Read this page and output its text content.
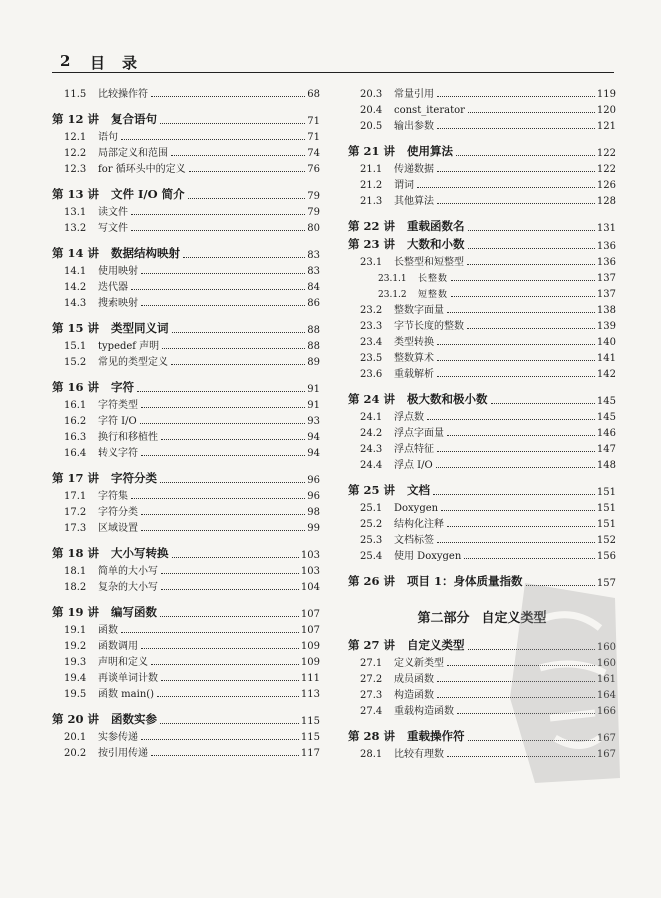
2 目 录
11.5	比较操作符	68
第 12 讲 复合语句	71
12.1	语句	71
12.2	局部定义和范围	74
12.3	for 循环头中的定义	76
第 13 讲 文件 I/O 简介	79
13.1	读文件	79
13.2	写文件	80
第 14 讲 数据结构映射	83
14.1	使用映射	83
14.2	迭代器	84
14.3	搜索映射	86
第 15 讲 类型同义词	88
15.1	typedef 声明	88
15.2	常见的类型定义	89
第 16 讲 字符	91
16.1	字符类型	91
16.2	字符 I/O	93
16.3	换行和移植性	94
16.4	转义字符	94
第 17 讲 字符分类	96
17.1	字符集	96
17.2	字符分类	98
17.3	区域设置	99
第 18 讲 大小写转换	103
18.1	简单的大小写	103
18.2	复杂的大小写	104
第 19 讲 编写函数	107
19.1	函数	107
19.2	函数调用	109
19.3	声明和定义	109
19.4	再谈单词计数	111
19.5	函数 main()	113
第 20 讲 函数实参	115
20.1	实参传递	115
20.2	按引用传递	117
20.3	常量引用	119
20.4	const_iterator	120
20.5	输出参数	121
第 21 讲 使用算法	122
21.1	传递数据	122
21.2	谓词	126
21.3	其他算法	128
第 22 讲 重载函数名	131
第 23 讲 大数和小数	136
23.1	长整型和短整型	136
23.1.1	长整数	137
23.1.2	短整数	137
23.2	整数字面量	138
23.3	字节长度的整数	139
23.4	类型转换	140
23.5	整数算术	141
23.6	重载解析	142
第 24 讲 极大数和极小数	145
24.1	浮点数	145
24.2	浮点字面量	146
24.3	浮点特征	147
24.4	浮点 I/O	148
第 25 讲 文档	151
25.1	Doxygen	151
25.2	结构化注释	151
25.3	文档标签	152
25.4	使用 Doxygen	156
第 26 讲 项目 1：身体质量指数	157
第二部分 自定义类型
第 27 讲 自定义类型	160
27.1	定义新类型	160
27.2	成员函数	161
27.3	构造函数	164
27.4	重载构造函数	166
第 28 讲 重载操作符	167
28.1	比较有理数	167
